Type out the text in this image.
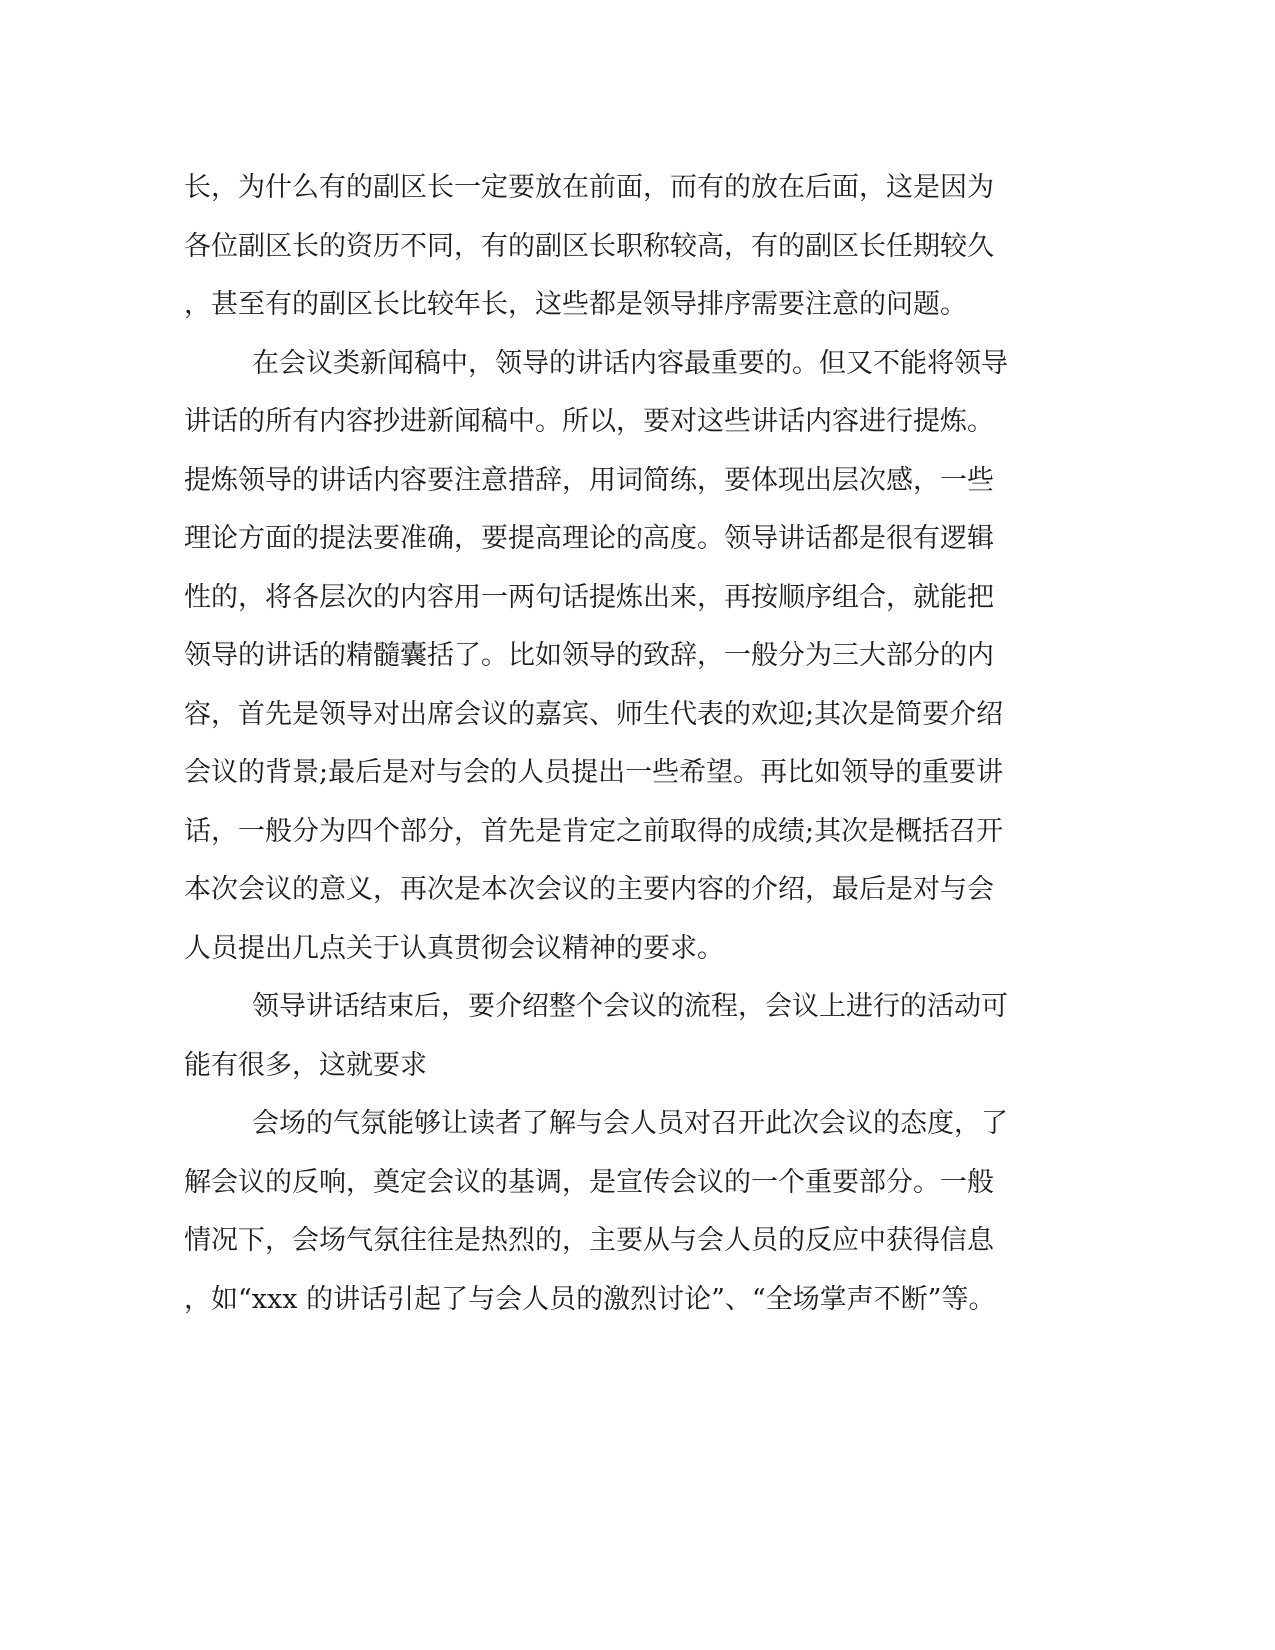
长，为什么有的副区长一定要放在前面，而有的放在后面，这是因为
各位副区长的资历不同，有的副区长职称较高，有的副区长任期较久
，甚至有的副区长比较年长，这些都是领导排序需要注意的问题。
在会议类新闻稿中，领导的讲话内容最重要的。但又不能将领导
讲话的所有内容抄进新闻稿中。所以，要对这些讲话内容进行提炼。
提炼领导的讲话内容要注意措辞，用词简练，要体现出层次感，一些
理论方面的提法要准确，要提高理论的高度。领导讲话都是很有逻辑
性的，将各层次的内容用一两句话提炼出来，再按顺序组合，就能把
领导的讲话的精髓囊括了。比如领导的致辞，一般分为三大部分的内
容，首先是领导对出席会议的嘉宾、师生代表的欢迎;其次是简要介绍
会议的背景;最后是对与会的人员提出一些希望。再比如领导的重要讲
话，一般分为四个部分，首先是肯定之前取得的成绩;其次是概括召开
本次会议的意义，再次是本次会议的主要内容的介绍，最后是对与会
人员提出几点关于认真贯彻会议精神的要求。
领导讲话结束后，要介绍整个会议的流程，会议上进行的活动可
能有很多，这就要求
会场的气氛能够让读者了解与会人员对召开此次会议的态度，了
解会议的反响，奠定会议的基调，是宣传会议的一个重要部分。一般
情况下，会场气氛往往是热烈的，主要从与会人员的反应中获得信息
，如“xxx 的讲话引起了与会人员的激烈讨论”、“全场掌声不断”等。
